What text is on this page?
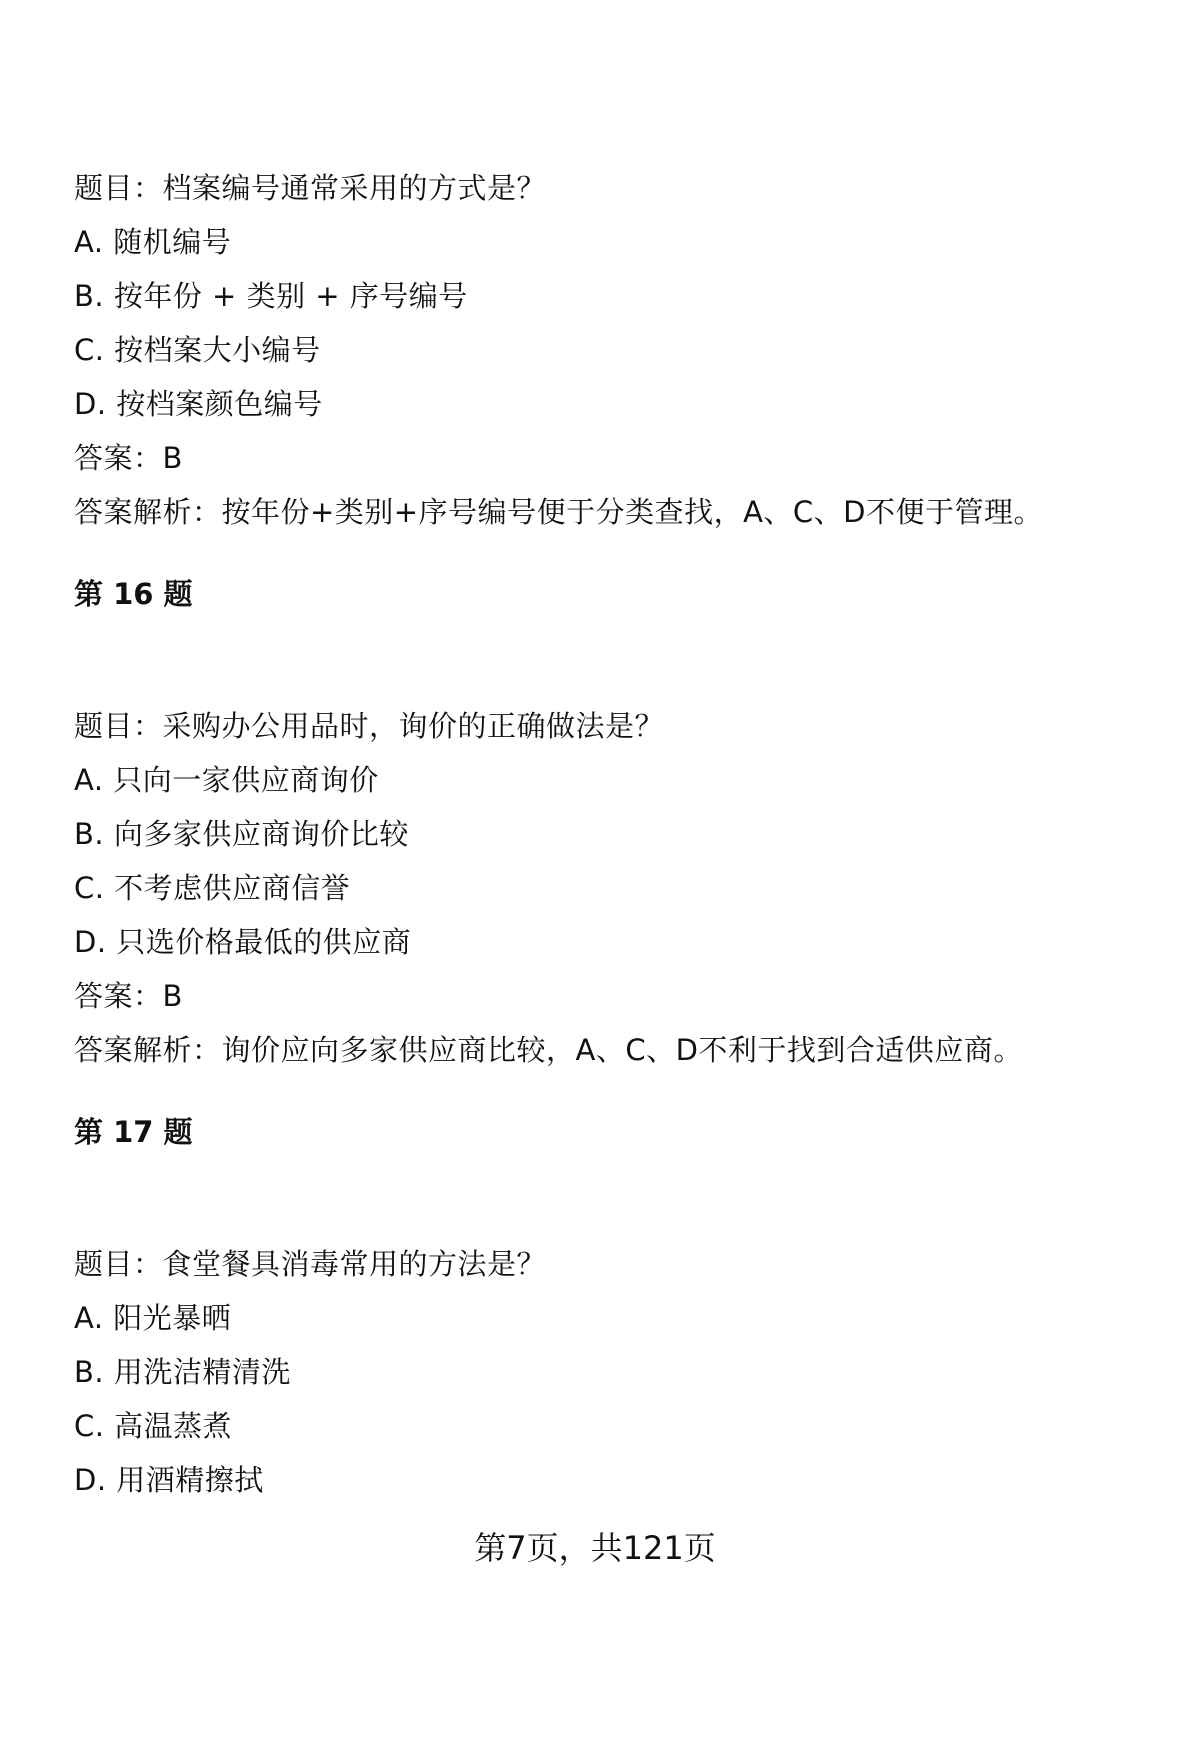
题目：档案编号通常采用的方式是？
A. 随机编号
B. 按年份 + 类别 + 序号编号
C. 按档案大小编号
D. 按档案颜色编号
答案：B
答案解析：按年份+类别+序号编号便于分类查找，A、C、D不便于管理。
第 16 题
题目：采购办公用品时，询价的正确做法是？
A. 只向一家供应商询价
B. 向多家供应商询价比较
C. 不考虑供应商信誉
D. 只选价格最低的供应商
答案：B
答案解析：询价应向多家供应商比较，A、C、D不利于找到合适供应商。
第 17 题
题目：食堂餐具消毒常用的方法是？
A. 阳光暴晒
B. 用洗洁精清洗
C. 高温蒸煮
D. 用酒精擦拭
第7页，共121页
